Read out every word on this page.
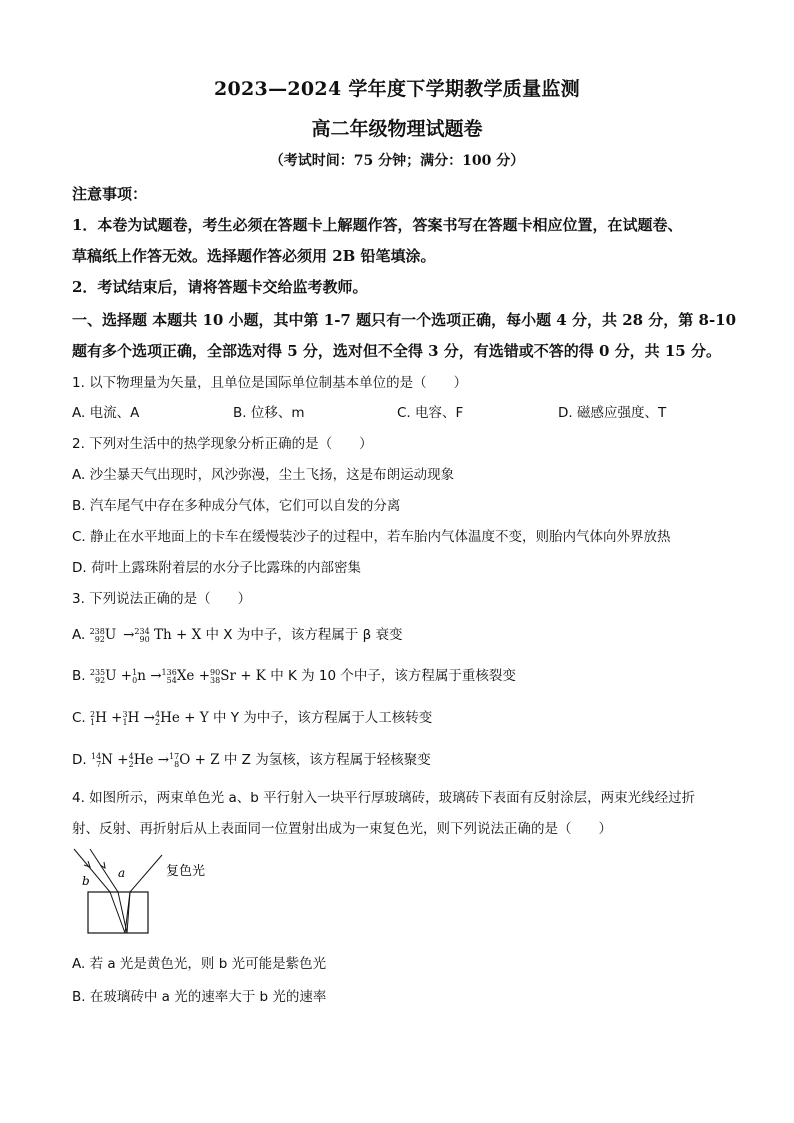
2023—2024 学年度下学期教学质量监测
高二年级物理试题卷
（考试时间：75 分钟；满分：100 分）
注意事项：
1．本卷为试题卷，考生必须在答题卡上解题作答，答案书写在答题卡相应位置，在试题卷、
草稿纸上作答无效。选择题作答必须用 2B 铅笔填涂。
2．考试结束后，请将答题卡交给监考教师。
一、选择题 本题共 10 小题，其中第 1-7 题只有一个选项正确，每小题 4 分，共 28 分，第 8-10
题有多个选项正确，全部选对得 5 分，选对但不全得 3 分，有选错或不答的得 0 分，共 15 分。
1. 以下物理量为矢量，且单位是国际单位制基本单位的是（　　）
A. 电流、A	B. 位移、m	C. 电容、F	D. 磁感应强度、T
2. 下列对生活中的热学现象分析正确的是（　　）
A. 沙尘暴天气出现时，风沙弥漫，尘土飞扬，这是布朗运动现象
B. 汽车尾气中存在多种成分气体，它们可以自发的分离
C. 静止在水平地面上的卡车在缓慢装沙子的过程中，若车胎内气体温度不变，则胎内气体向外界放热
D. 荷叶上露珠附着层的水分子比露珠的内部密集
3. 下列说法正确的是（　　）
A. 238
92U  →234
90 Th + X 中 X 为中子，该方程属于 β 衰变
B. 235
92U +1
0n →136
54Xe +90
38Sr + K 中 K 为 10 个中子，该方程属于重核裂变
C. 2
1H +3
1H →4
2He + Y 中 Y 为中子，该方程属于人工核转变
D. 14
7N +4
2He →17
8O + Z 中 Z 为氢核，该方程属于轻核聚变
4. 如图所示，两束单色光 a、b 平行射入一块平行厚玻璃砖，玻璃砖下表面有反射涂层，两束光线经过折
射、反射、再折射后从上表面同一位置射出成为一束复色光，则下列说法正确的是（　　）
b
a	复色光
A. 若 a 光是黄色光，则 b 光可能是紫色光
B. 在玻璃砖中 a 光的速率大于 b 光的速率
